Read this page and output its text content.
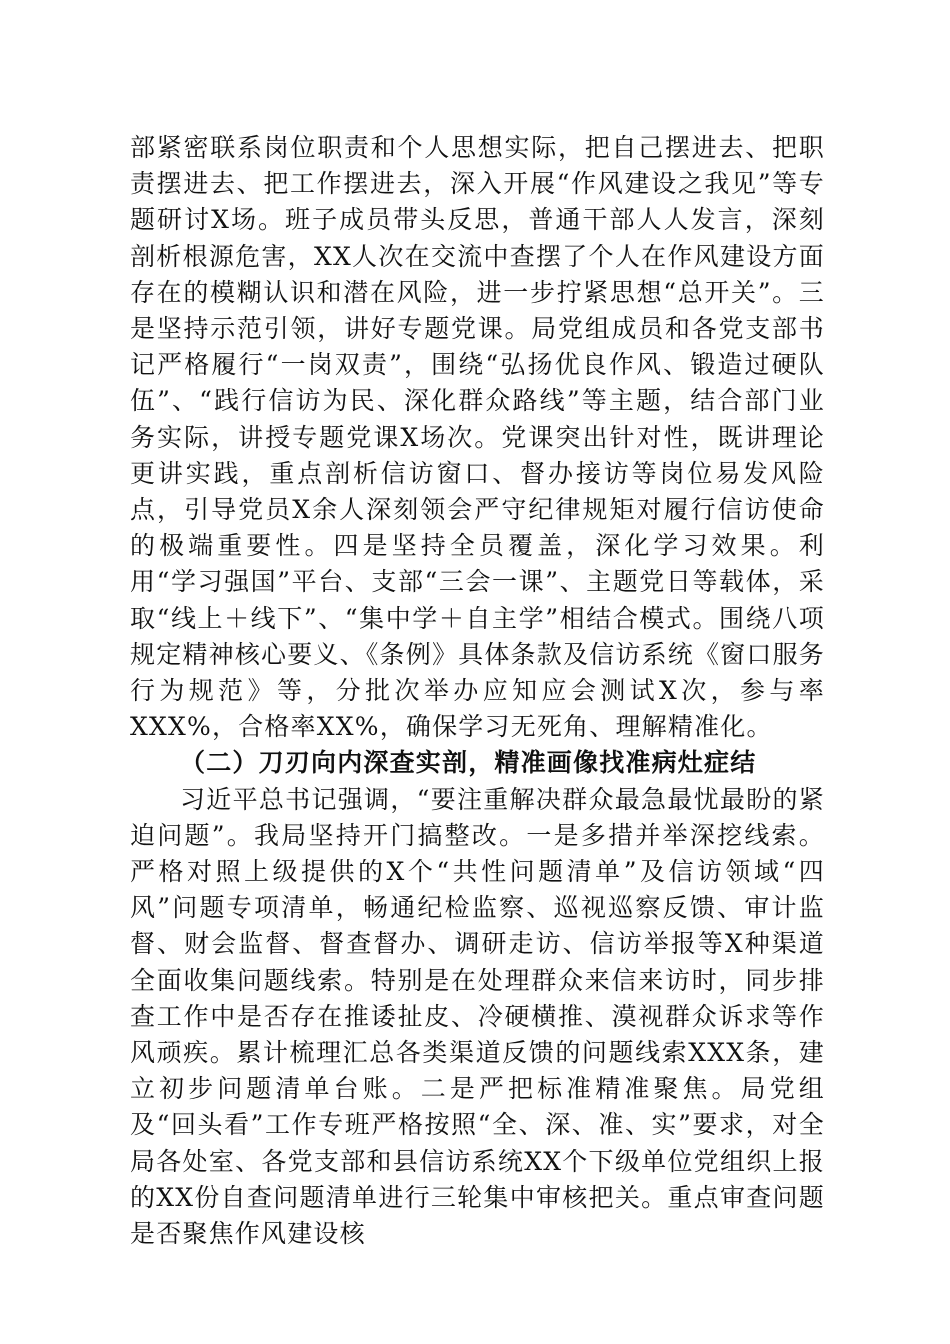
部紧密联系岗位职责和个人思想实际，把自己摆进去、把职责摆进去、把工作摆进去，深入开展“作风建设之我见”等专题研讨X场。班子成员带头反思，普通干部人人发言，深刻剖析根源危害，XX人次在交流中查摆了个人在作风建设方面存在的模糊认识和潜在风险，进一步拧紧思想“总开关”。三是坚持示范引领，讲好专题党课。局党组成员和各党支部书记严格履行“一岗双责”，围绕“弘扬优良作风、锻造过硬队伍”、“践行信访为民、深化群众路线”等主题，结合部门业务实际，讲授专题党课X场次。党课突出针对性，既讲理论更讲实践，重点剖析信访窗口、督办接访等岗位易发风险点，引导党员X余人深刻领会严守纪律规矩对履行信访使命的极端重要性。四是坚持全员覆盖，深化学习效果。利用“学习强国”平台、支部“三会一课”、主题党日等载体，采取“线上＋线下”、“集中学＋自主学”相结合模式。围绕八项规定精神核心要义、《条例》具体条款及信访系统《窗口服务行为规范》等，分批次举办应知应会测试X次，参与率XXX%，合格率XX%，确保学习无死角、理解精准化。

（二）刀刃向内深查实剖，精准画像找准病灶症结

习近平总书记强调，“要注重解决群众最急最忧最盼的紧迫问题”。我局坚持开门搞整改。一是多措并举深挖线索。严格对照上级提供的X个“共性问题清单”及信访领域“四风”问题专项清单，畅通纪检监察、巡视巡察反馈、审计监督、财会监督、督查督办、调研走访、信访举报等X种渠道全面收集问题线索。特别是在处理群众来信来访时，同步排查工作中是否存在推诿扯皮、冷硬横推、漠视群众诉求等作风顽疾。累计梳理汇总各类渠道反馈的问题线索XXX条，建立初步问题清单台账。二是严把标准精准聚焦。局党组及“回头看”工作专班严格按照“全、深、准、实”要求，对全局各处室、各党支部和县信访系统XX个下级单位党组织上报的XX份自查问题清单进行三轮集中审核把关。重点审查问题是否聚焦作风建设核
